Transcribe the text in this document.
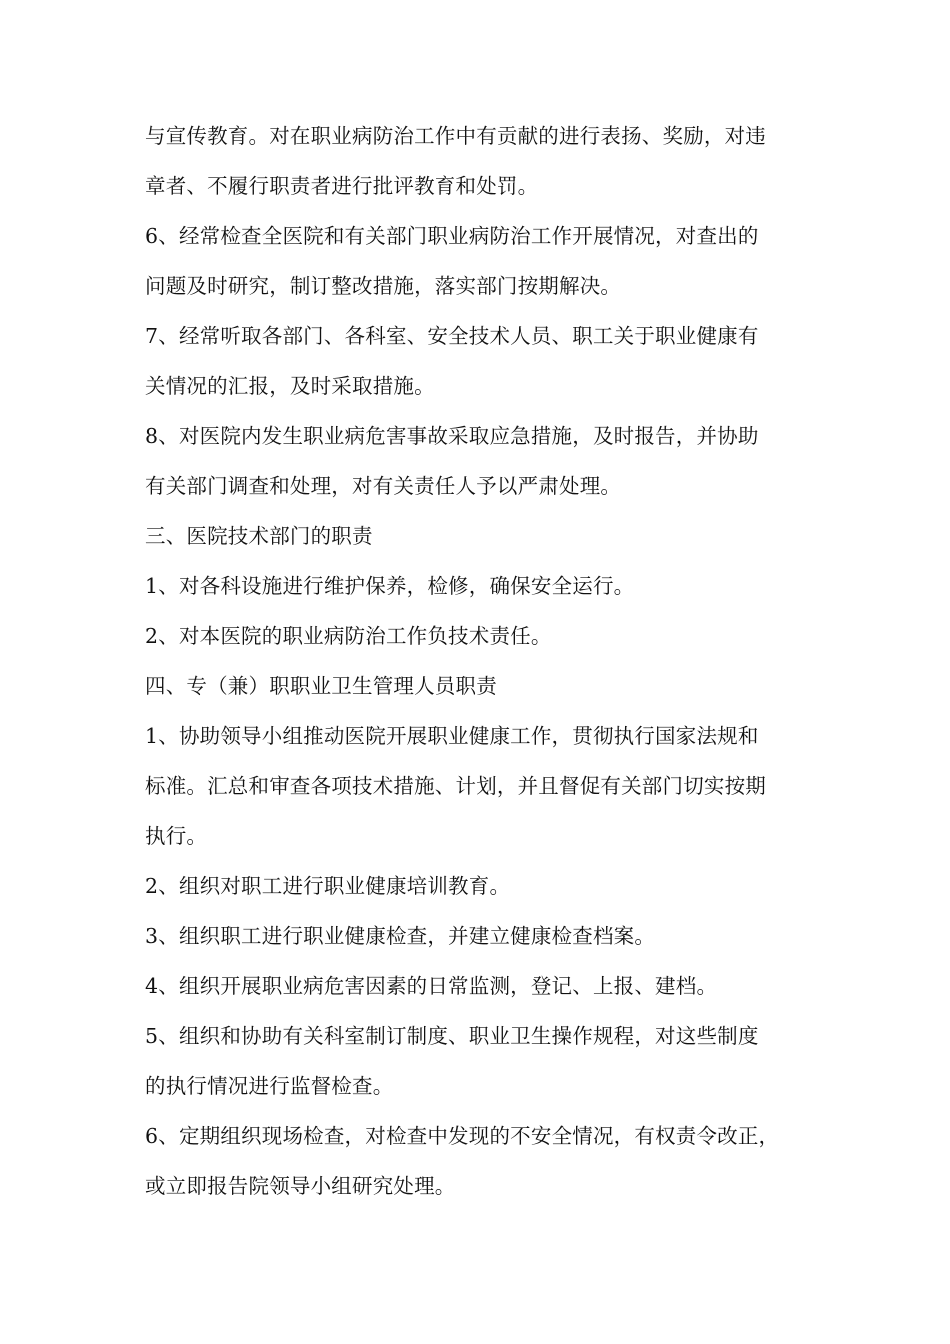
与宣传教育。对在职业病防治工作中有贡献的进行表扬、奖励，对违
章者、不履行职责者进行批评教育和处罚。
6、经常检查全医院和有关部门职业病防治工作开展情况，对查出的
问题及时研究，制订整改措施，落实部门按期解决。
7、经常听取各部门、各科室、安全技术人员、职工关于职业健康有
关情况的汇报，及时采取措施。
8、对医院内发生职业病危害事故采取应急措施，及时报告，并协助
有关部门调查和处理，对有关责任人予以严肃处理。
三、医院技术部门的职责
1、对各科设施进行维护保养，检修，确保安全运行。
2、对本医院的职业病防治工作负技术责任。
四、专（兼）职职业卫生管理人员职责
1、协助领导小组推动医院开展职业健康工作，贯彻执行国家法规和
标准。汇总和审查各项技术措施、计划，并且督促有关部门切实按期
执行。
2、组织对职工进行职业健康培训教育。
3、组织职工进行职业健康检查，并建立健康检查档案。
4、组织开展职业病危害因素的日常监测，登记、上报、建档。
5、组织和协助有关科室制订制度、职业卫生操作规程，对这些制度
的执行情况进行监督检查。
6、定期组织现场检查，对检查中发现的不安全情况，有权责令改正，
或立即报告院领导小组研究处理。
